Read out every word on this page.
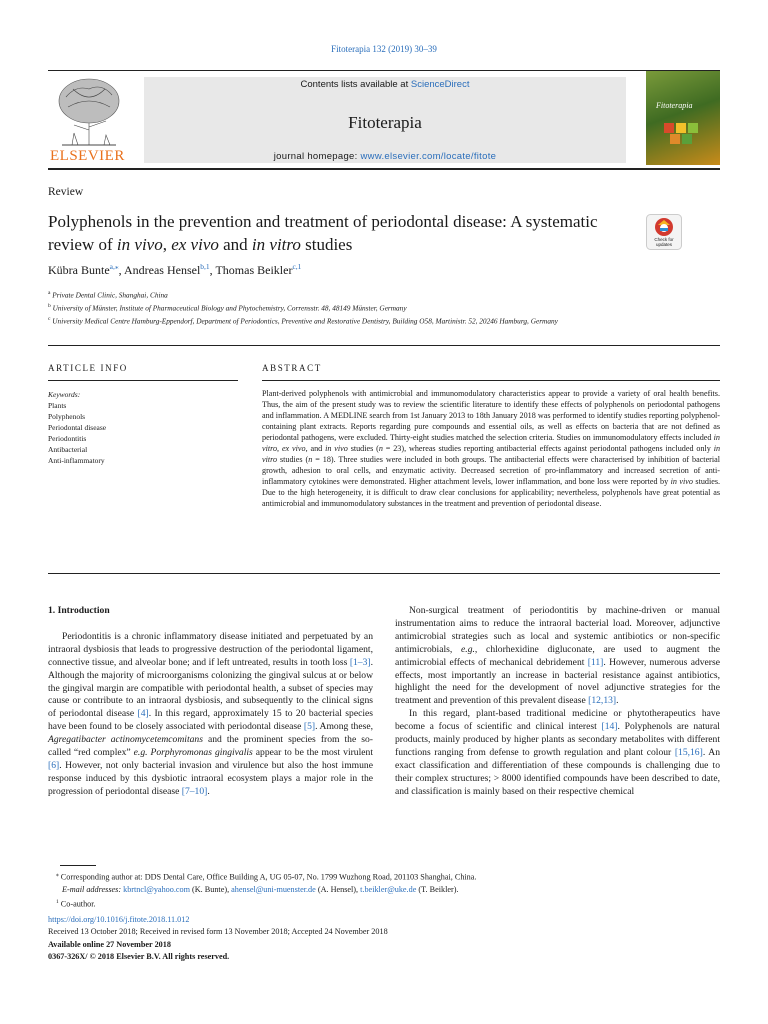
Fitoterapia 132 (2019) 30–39
ELSEVIER
Contents lists available at ScienceDirect
Fitoterapia
journal homepage: www.elsevier.com/locate/fitote
Fitoterapia
Review
Polyphenols in the prevention and treatment of periodontal disease: A systematic review of in vivo, ex vivo and in vitro studies	Check for updates
Kübra Bunte$^{a,⁎}$, Andreas Hensel$^{b,1}$, Thomas Beikler$^{c,1}$
$^a$ Private Dental Clinic, Shanghai, China
$^b$ University of Münster, Institute of Pharmaceutical Biology and Phytochemistry, Corrensstr. 48, 48149 Münster, Germany
$^c$ University Medical Centre Hamburg-Eppendorf, Department of Periodontics, Preventive and Restorative Dentistry, Building O58, Martinistr. 52, 20246 Hamburg, Germany
ARTICLE INFO	ABSTRACT
Keywords:
Plants
Polyphenols
Periodontal disease
Periodontitis
Antibacterial
Anti-inflammatory
Plant-derived polyphenols with antimicrobial and immunomodulatory characteristics appear to provide a variety of oral health benefits. Thus, the aim of the present study was to review the scientific literature to identify these effects of polyphenols on periodontal pathogens and inflammation. A MEDLINE search from 1st January 2013 to 18th January 2018 was performed to identify studies reporting polyphenol-containing plant extracts. Reports regarding pure compounds and essential oils, as well as effects on bacteria that are not defined as periodontal pathogens, were excluded. Thirty-eight studies matched the selection criteria. Studies on immunomodulatory effects included in vitro, ex vivo, and in vivo studies (n = 23), whereas studies reporting antibacterial effects against periodontal pathogens included only in vitro studies (n = 18). Three studies were included in both groups. The antibacterial effects were characterised by inhibition of bacterial growth, adhesion to oral cells, and enzymatic activity. Decreased secretion of pro-inflammatory and increased secretion of anti-inflammatory cytokines were demonstrated. Higher attachment levels, lower inflammation, and bone loss were reported by in vivo studies. Due to the high heterogeneity, it is difficult to draw clear conclusions for applicability; nevertheless, polyphenols have great potential as antimicrobial and immunomodulatory substances in the treatment and prevention of periodontal disease.
1. Introduction

Periodontitis is a chronic inflammatory disease initiated and perpetuated by an intraoral dysbiosis that leads to progressive destruction of the periodontal ligament, connective tissue, and alveolar bone; and if left untreated, results in tooth loss [1–3]. Although the majority of microorganisms colonizing the gingival sulcus at or below the gingival margin are compatible with periodontal health, a subset of species may cause or contribute to an intraoral dysbiosis, and subsequently to the clinical signs of periodontal disease [4]. In this regard, approximately 15 to 20 bacterial species have been found to be closely associated with periodontal disease [5]. Among these, Agregatibacter actinomycetemcomitans and the prominent species from the so-called “red complex” e.g. Porphyromonas gingivalis appear to be the most virulent [6]. However, not only bacterial invasion and virulence but also the host immune response induced by this dysbiotic intraoral ecosystem plays a major role in the progression of periodontal disease [7–10].

Non-surgical treatment of periodontitis by machine-driven or manual instrumentation aims to reduce the intraoral bacterial load. Moreover, adjunctive antimicrobial strategies such as local and systemic antibiotics or non-specific antimicrobials, e.g., chlorhexidine digluconate, are used to augment the antimicrobial effects of mechanical debridement [11]. However, numerous adverse effects, most importantly an increase in bacterial resistance against antibiotics, highlight the need for the development of novel adjunctive strategies for the treatment and prevention of this prevalent disease [12,13].

In this regard, plant-based traditional medicine or phytotherapeutics have become a focus of scientific and clinical interest [14]. Polyphenols are natural products, mainly produced by higher plants as secondary metabolites with different functions ranging from defense to growth regulation and plant colour [15,16]. An exact classification and differentiation of these compounds is challenging due to their complex structures; > 8000 identified compounds have been described to date, and classification is mainly based on their respective chemical

⁎ Corresponding author at: DDS Dental Care, Office Building A, UG 05-07, No. 1799 Wuzhong Road, 201103 Shanghai, China.
E-mail addresses: kbrtncl@yahoo.com (K. Bunte), ahensel@uni-muenster.de (A. Hensel), t.beikler@uke.de (T. Beikler).
$^1$ Co-author.
https://doi.org/10.1016/j.fitote.2018.11.012
Received 13 October 2018; Received in revised form 13 November 2018; Accepted 24 November 2018
Available online 27 November 2018
0367-326X/ © 2018 Elsevier B.V. All rights reserved.
